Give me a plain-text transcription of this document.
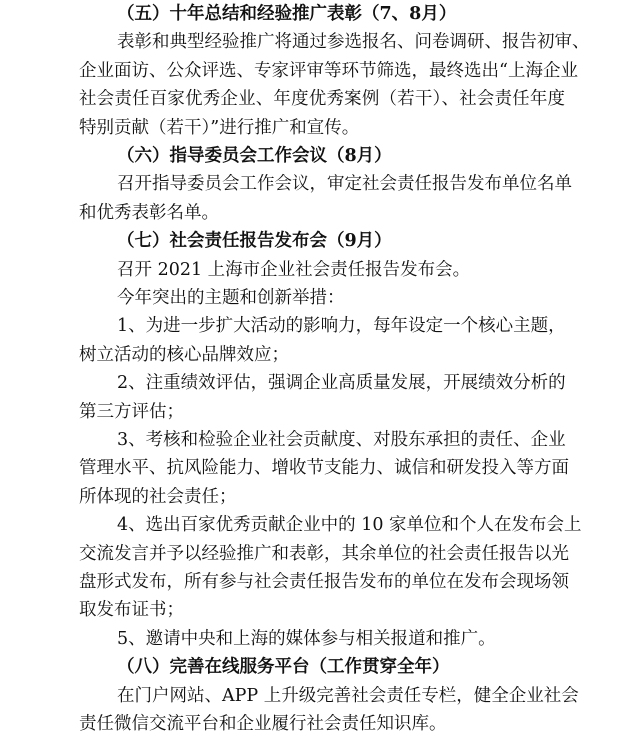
（五）十年总结和经验推广表彰（7、8月）

表彰和典型经验推广将通过参选报名、问卷调研、报告初审、

企业面访、公众评选、专家评审等环节筛选，最终选出“上海企业

社会责任百家优秀企业、年度优秀案例（若干）、社会责任年度

特别贡献（若干）”进行推广和宣传。

（六）指导委员会工作会议（8月）

召开指导委员会工作会议，审定社会责任报告发布单位名单

和优秀表彰名单。

（七）社会责任报告发布会（9月）

召开 2021 上海市企业社会责任报告发布会。

今年突出的主题和创新举措：

1、为进一步扩大活动的影响力，每年设定一个核心主题，

树立活动的核心品牌效应；

2、注重绩效评估，强调企业高质量发展，开展绩效分析的

第三方评估；

3、考核和检验企业社会贡献度、对股东承担的责任、企业

管理水平、抗风险能力、增收节支能力、诚信和研发投入等方面

所体现的社会责任；

4、选出百家优秀贡献企业中的 10 家单位和个人在发布会上

交流发言并予以经验推广和表彰，其余单位的社会责任报告以光

盘形式发布，所有参与社会责任报告发布的单位在发布会现场领

取发布证书；

5、邀请中央和上海的媒体参与相关报道和推广。

（八）完善在线服务平台（工作贯穿全年）

在门户网站、APP 上升级完善社会责任专栏，健全企业社会

责任微信交流平台和企业履行社会责任知识库。
